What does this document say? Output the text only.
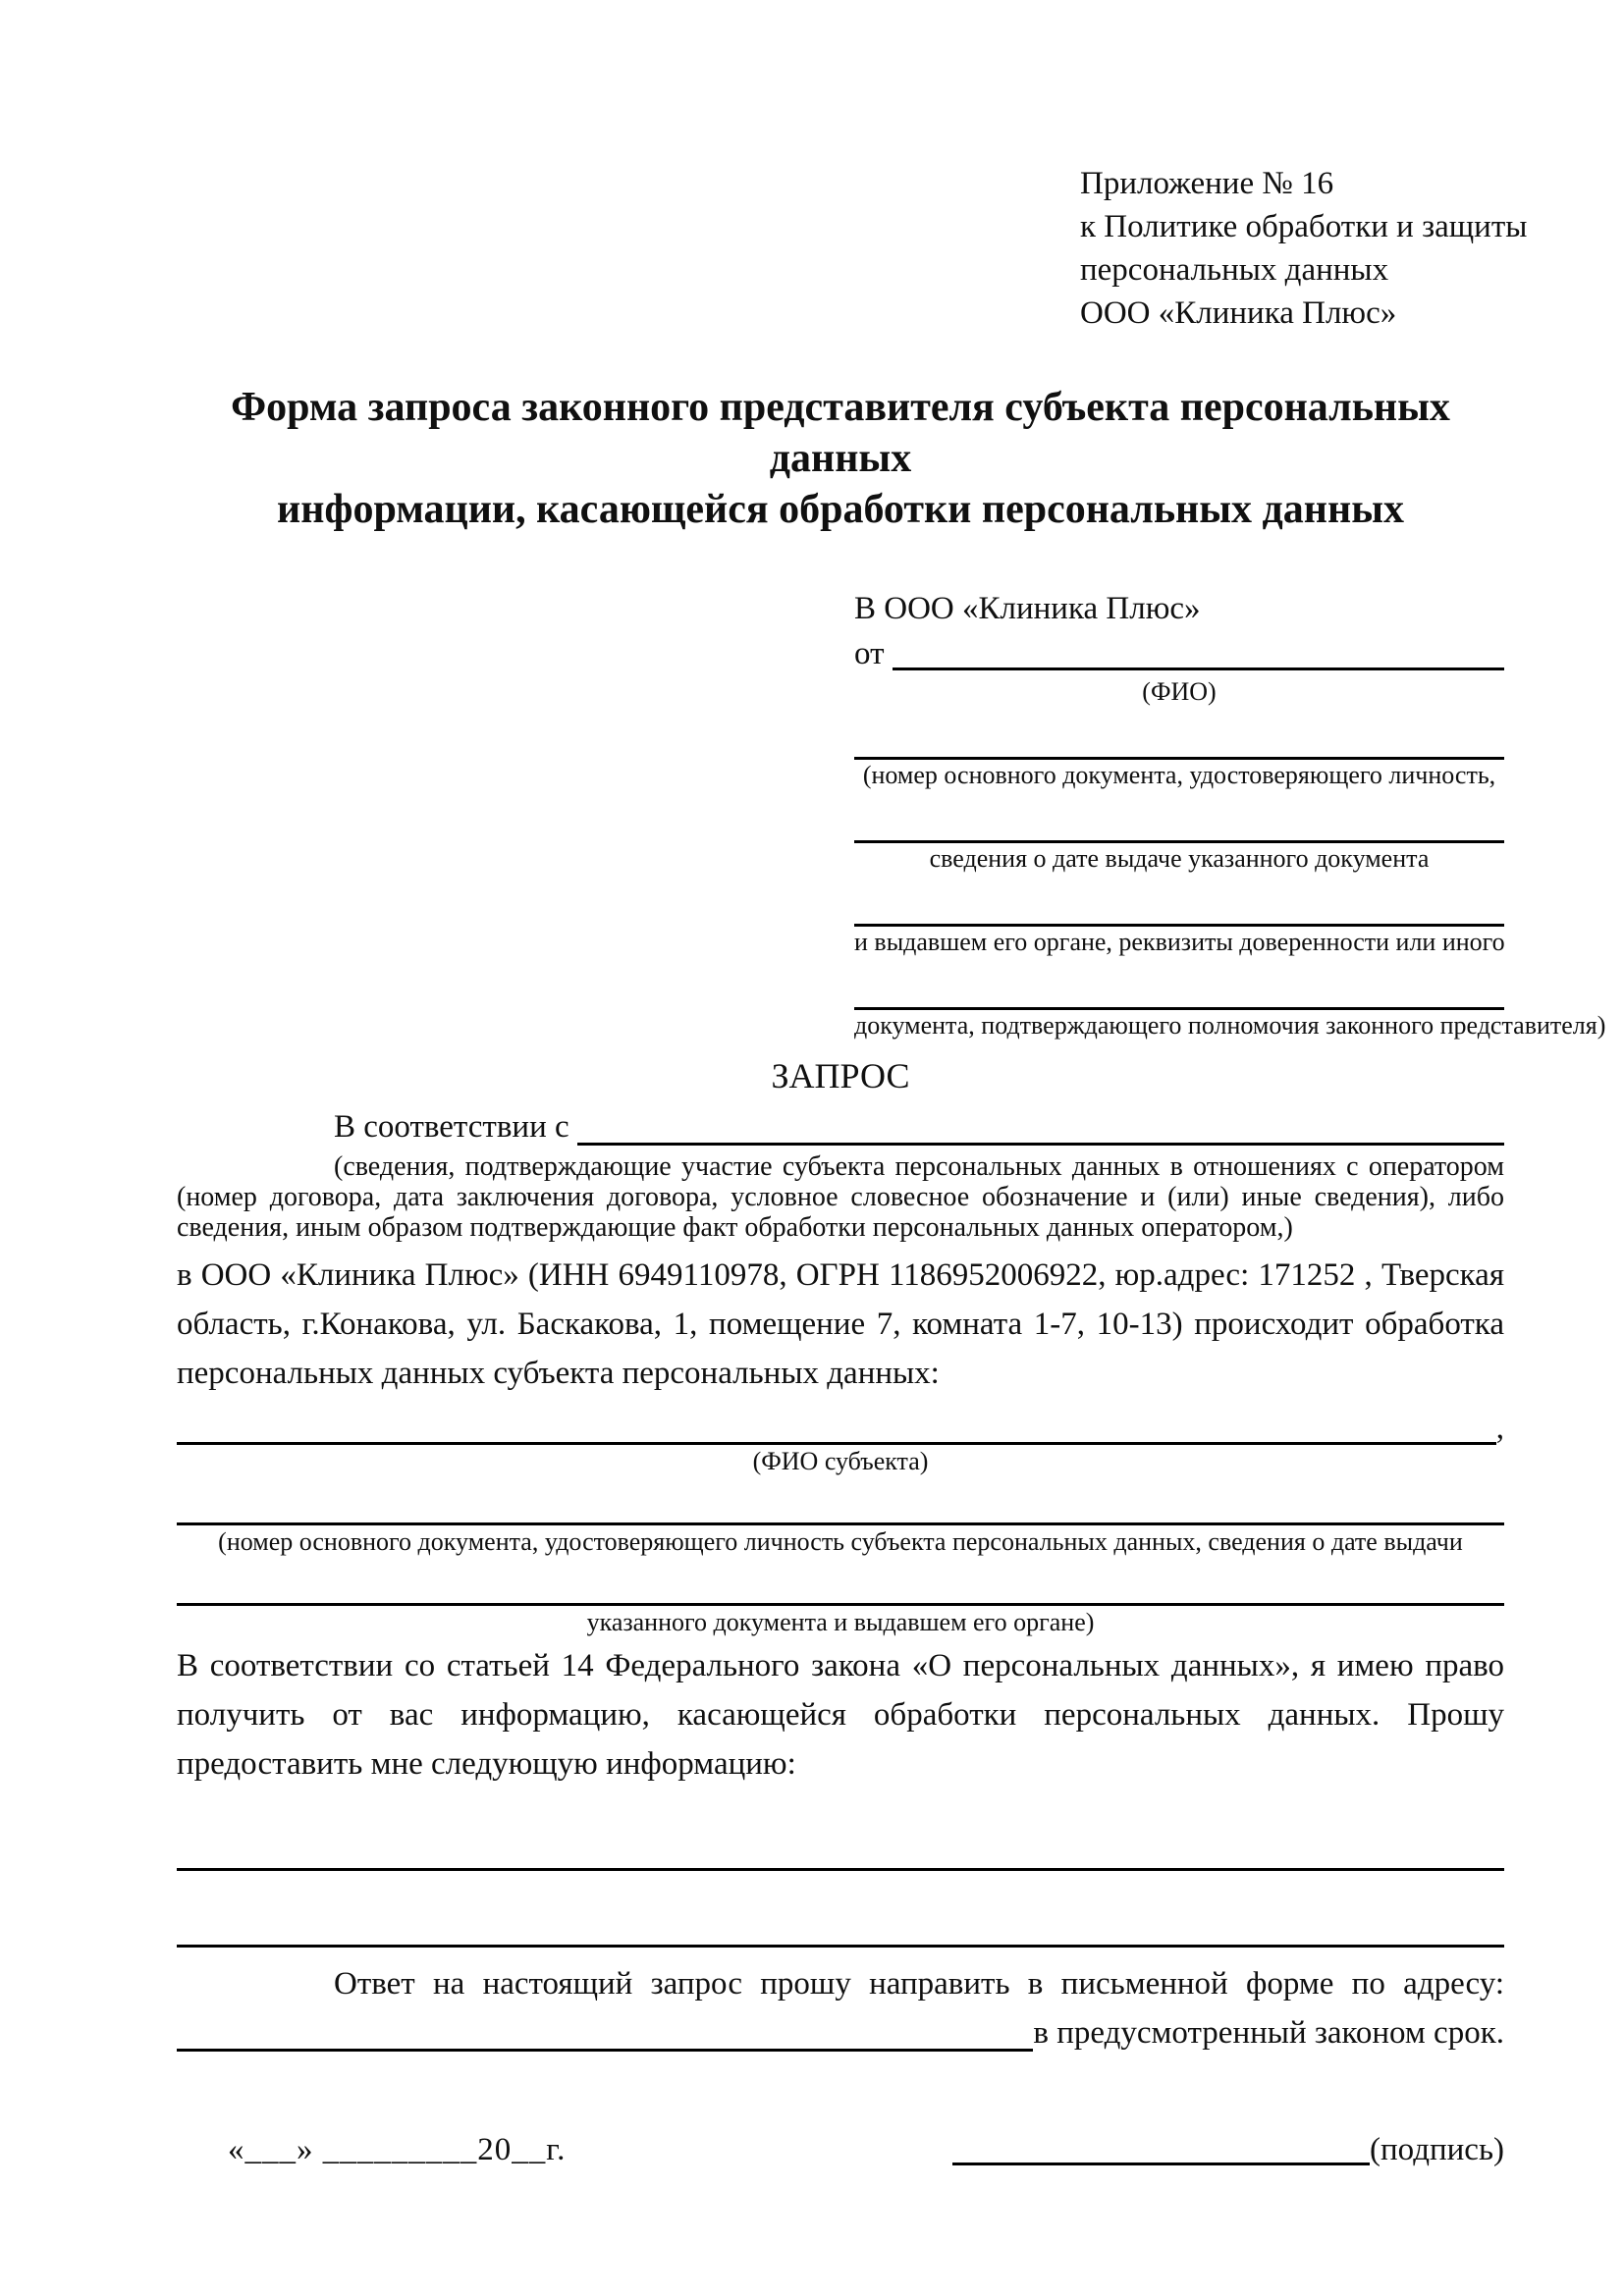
Приложение № 16
к Политике обработки и защиты
персональных данных
ООО «Клиника Плюс»
Форма запроса законного представителя субъекта персональных данных
информации, касающейся обработки персональных данных
В ООО «Клиника Плюс»
от
(ФИО)
(номер основного документа, удостоверяющего личность,
сведения о дате выдаче указанного документа
и выдавшем его органе, реквизиты доверенности или иного
документа, подтверждающего полномочия законного представителя)
ЗАПРОС
В соответствии с
(сведения, подтверждающие участие субъекта персональных данных в отношениях с оператором (номер договора, дата заключения договора, условное словесное обозначение и (или) иные сведения), либо сведения, иным образом подтверждающие факт обработки персональных данных оператором,)

в ООО «Клиника Плюс» (ИНН 6949110978, ОГРН 1186952006922, юр.адрес: 171252 , Тверская область, г.Конакова, ул. Баскакова, 1, помещение 7, комната 1-7, 10-13) происходит обработка персональных данных субъекта персональных данных:

,
(ФИО субъекта)
(номер основного документа, удостоверяющего личность субъекта персональных данных, сведения о дате выдачи
указанного документа и выдавшем его органе)

В соответствии со статьей 14 Федерального закона «О персональных данных», я имею право получить от вас информацию, касающейся обработки персональных данных. Прошу предоставить мне следующую информацию:

Ответ на настоящий запрос прошу направить в письменной форме по адресу:
в предусмотренный законом срок.
«___» _________20__г.	(подпись)
